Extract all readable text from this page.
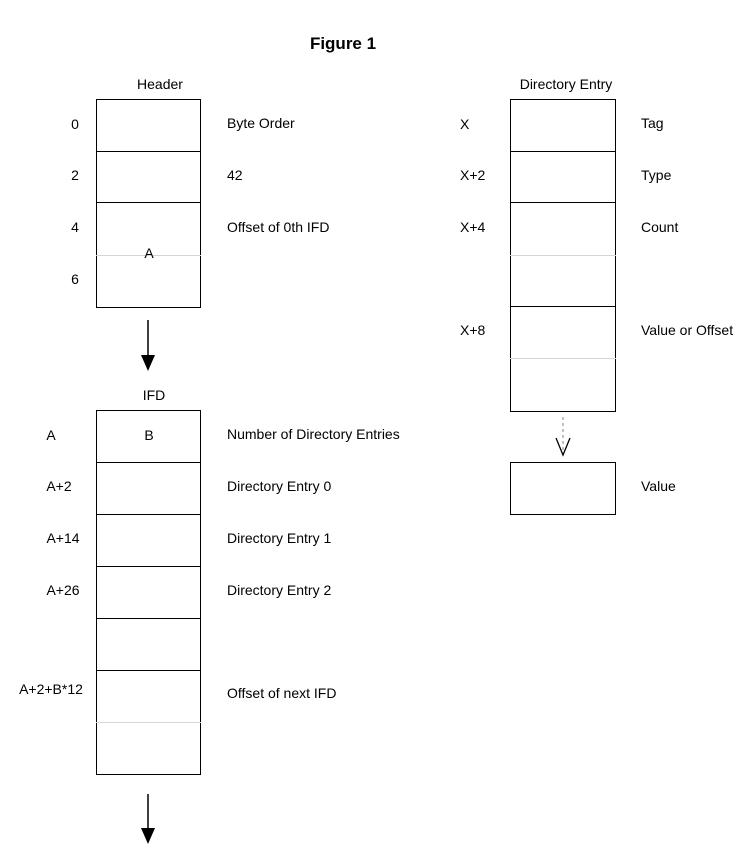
Figure 1
Header
A
0
2
4
6
Byte Order
42
Offset of 0th IFD
IFD
B
A
A+2
A+14
A+26
A+2+B*12
Number of Directory Entries
Directory Entry 0
Directory Entry 1
Directory Entry 2
Offset of next IFD
Directory Entry
X
X+2
X+4
X+8
Tag
Type
Count
Value or Offset
Value
